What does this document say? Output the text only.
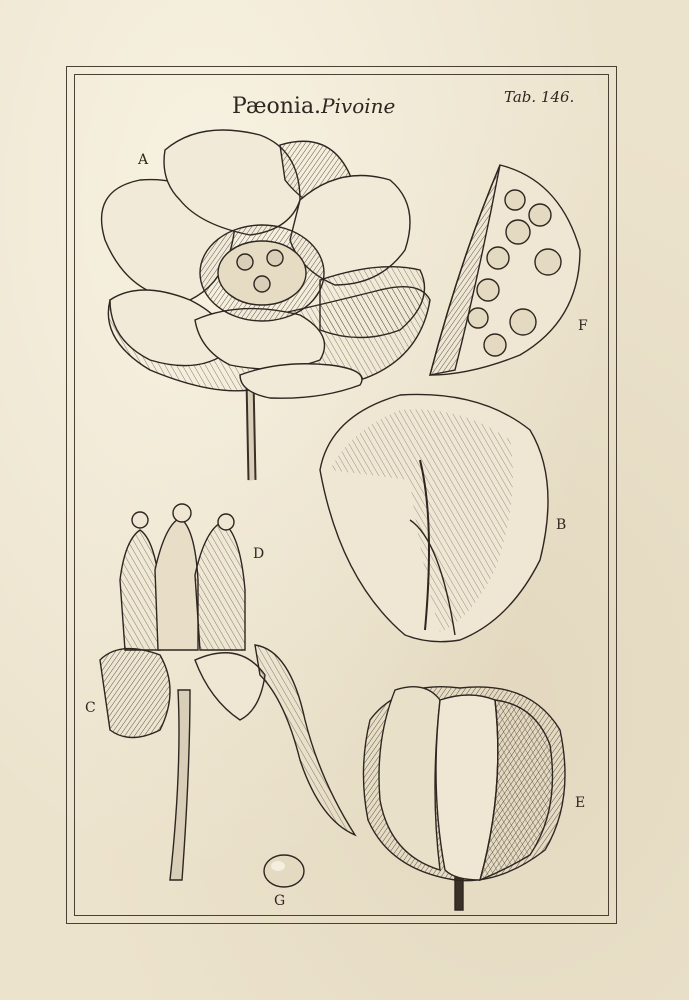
Pæonia.Pivoine	Tab. 146.
A
F
B
D
C
E
G
